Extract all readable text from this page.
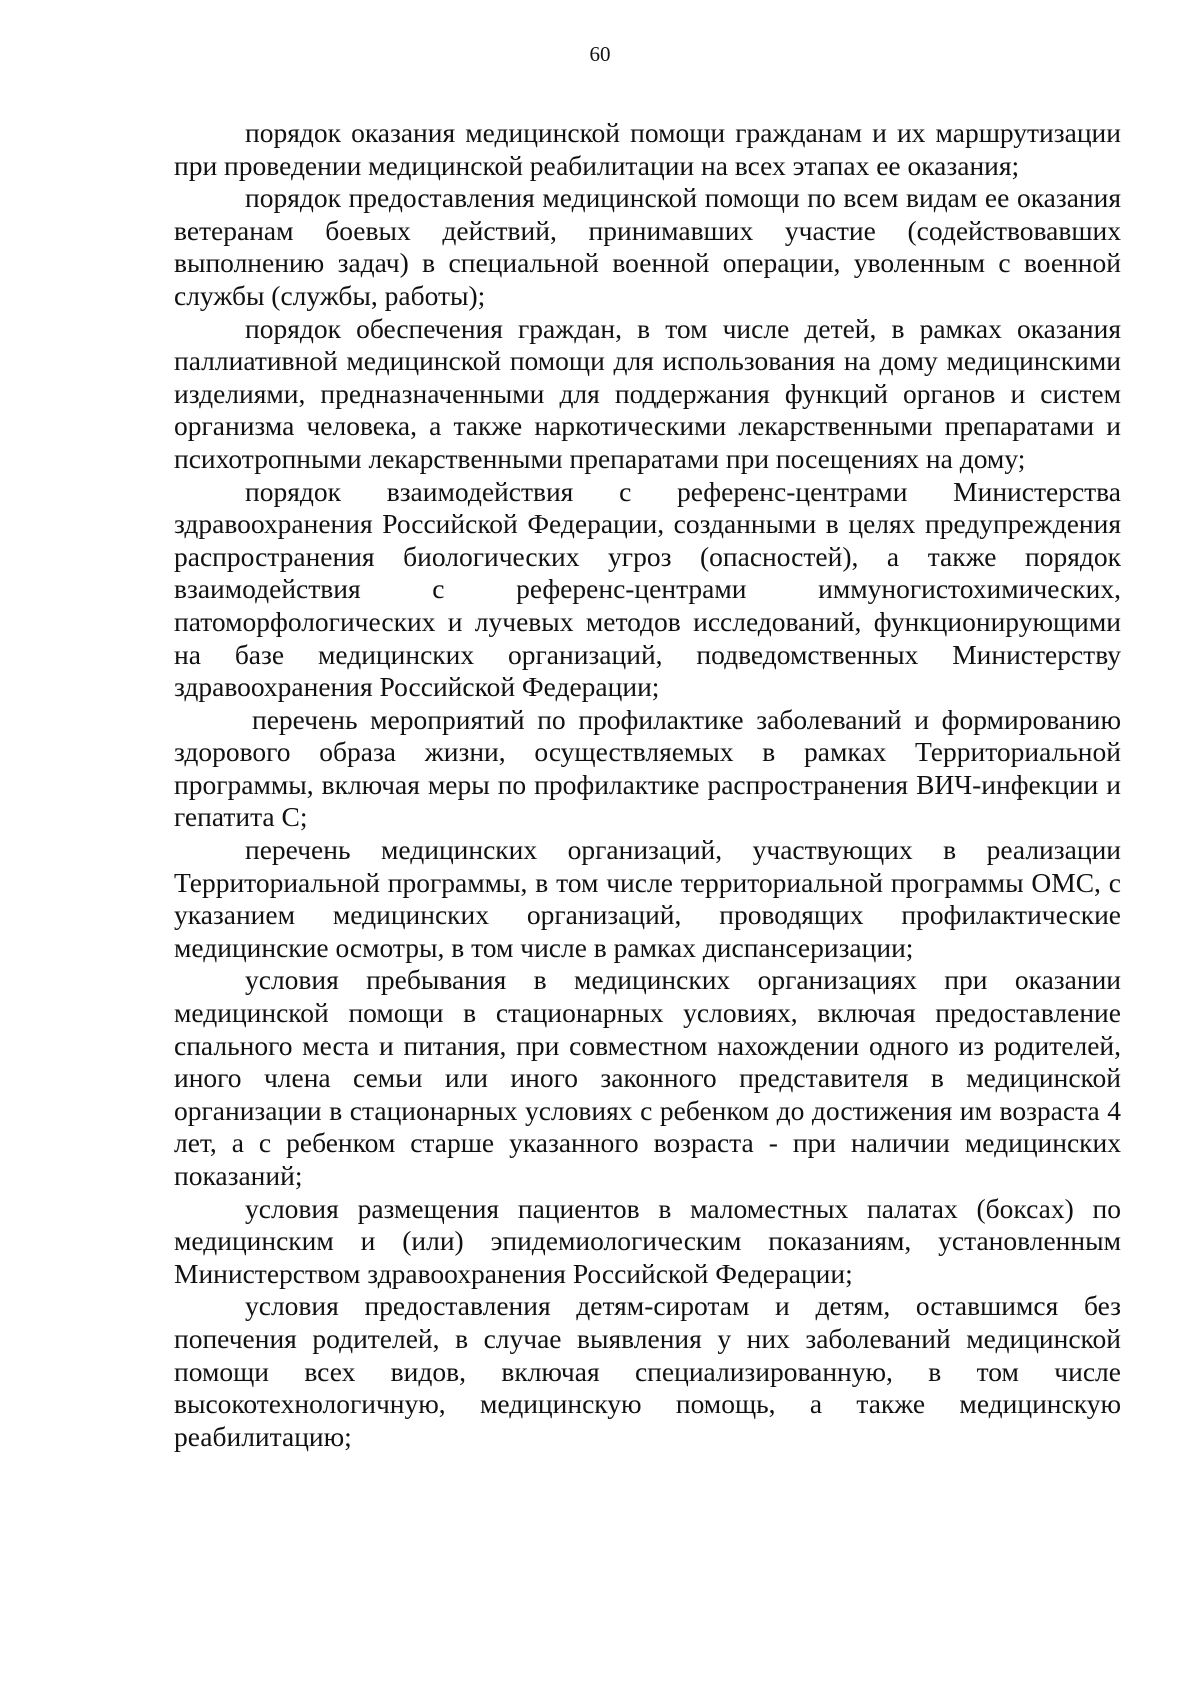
60

порядок оказания медицинской помощи гражданам и их маршрутизации при проведении медицинской реабилитации на всех этапах ее оказания;

порядок предоставления медицинской помощи по всем видам ее оказания ветеранам боевых действий, принимавших участие (содействовавших выполнению задач) в специальной военной операции, уволенным с военной службы (службы, работы);

порядок обеспечения граждан, в том числе детей, в рамках оказания паллиативной медицинской помощи для использования на дому медицинскими изделиями, предназначенными для поддержания функций органов и систем организма человека, а также наркотическими лекарственными препаратами и психотропными лекарственными препаратами при посещениях на дому;

порядок взаимодействия с референс-центрами Министерства здравоохранения Российской Федерации, созданными в целях предупреждения распространения биологических угроз (опасностей), а также порядок взаимодействия с референс-центрами иммуногистохимических, патоморфологических и лучевых методов исследований, функционирующими на базе медицинских организаций, подведомственных Министерству здравоохранения Российской Федерации;

перечень мероприятий по профилактике заболеваний и формированию здорового образа жизни, осуществляемых в рамках Территориальной программы, включая меры по профилактике распространения ВИЧ-инфекции и гепатита С;

перечень медицинских организаций, участвующих в реализации Территориальной программы, в том числе территориальной программы ОМС, с указанием медицинских организаций, проводящих профилактические медицинские осмотры, в том числе в рамках диспансеризации;

условия пребывания в медицинских организациях при оказании медицинской помощи в стационарных условиях, включая предоставление спального места и питания, при совместном нахождении одного из родителей, иного члена семьи или иного законного представителя в медицинской организации в стационарных условиях с ребенком до достижения им возраста 4 лет, а с ребенком старше указанного возраста - при наличии медицинских показаний;

условия размещения пациентов в маломестных палатах (боксах) по медицинским и (или) эпидемиологическим показаниям, установленным Министерством здравоохранения Российской Федерации;

условия предоставления детям-сиротам и детям, оставшимся без попечения родителей, в случае выявления у них заболеваний медицинской помощи всех видов, включая специализированную, в том числе высокотехнологичную, медицинскую помощь, а также медицинскую реабилитацию;
